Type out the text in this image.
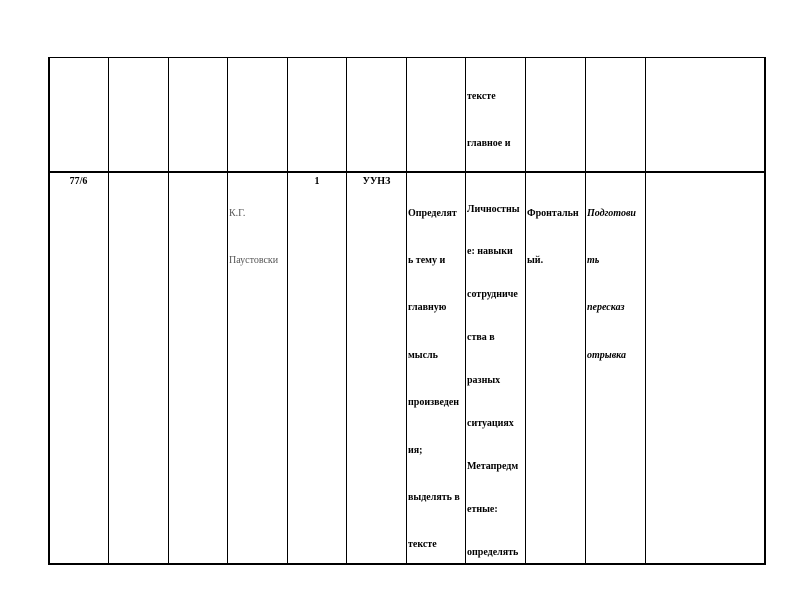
тексте

главное и

77/6

К.Г.

Паустовски

1	УУНЗ

Определят

ь тему и

главную

мысль

произведен

ия;

выделять в

тексте

Личностны

е: навыки

сотрудниче

ства в

разных

ситуациях

Метапредм

етные:

определять

Фронтальн

ый.

Подготови

ть

пересказ

отрывка
